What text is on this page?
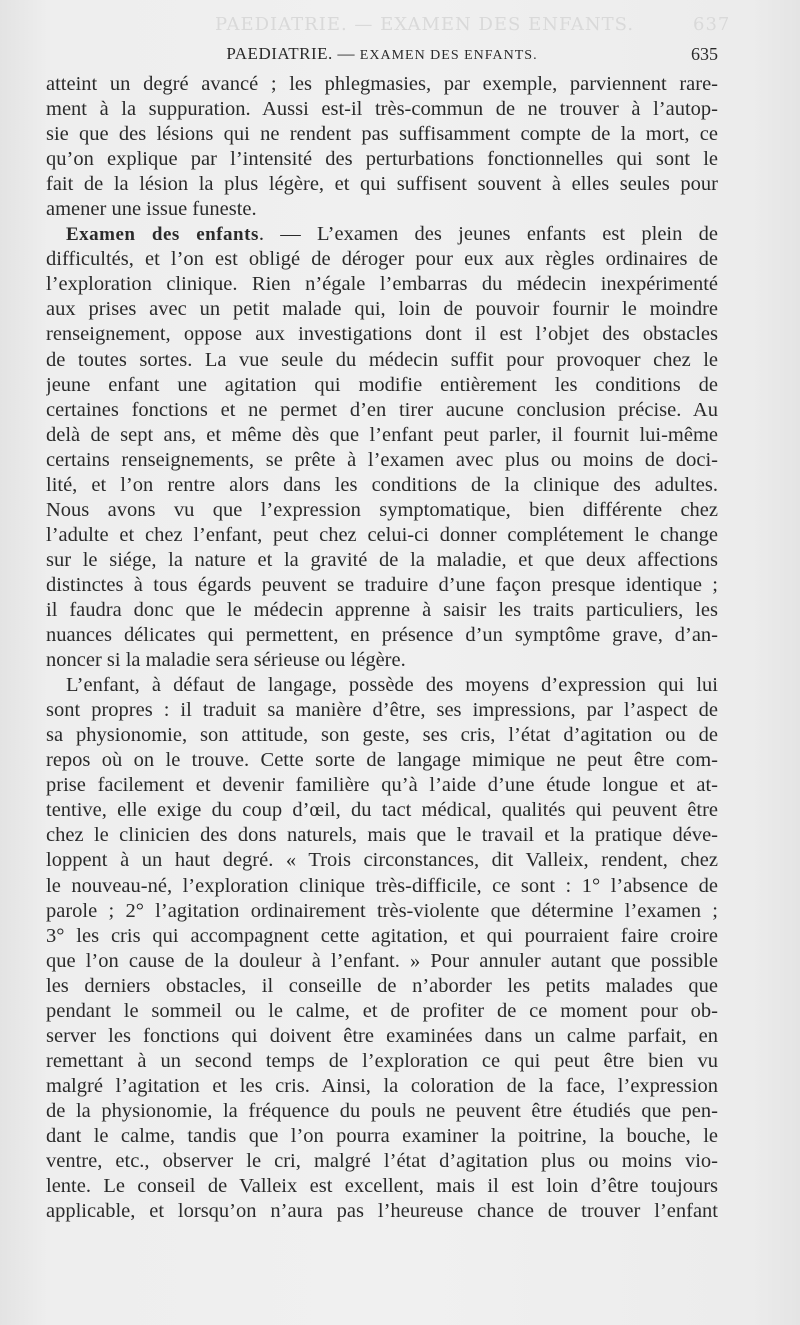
PAEDIATRIE. — EXAMEN DES ENFANTS.	637
PAEDIATRIE. — EXAMEN DES ENFANTS.	635
atteint un degré avancé ; les phlegmasies, par exemple, parviennent rare-
ment à la suppuration. Aussi est-il très-commun de ne trouver à l’autop-
sie que des lésions qui ne rendent pas suffisamment compte de la mort, ce
qu’on explique par l’intensité des perturbations fonctionnelles qui sont le
fait de la lésion la plus légère, et qui suffisent souvent à elles seules pour
amener une issue funeste.
Examen des enfants. — L’examen des jeunes enfants est plein de
difficultés, et l’on est obligé de déroger pour eux aux règles ordinaires de
l’exploration clinique. Rien n’égale l’embarras du médecin inexpérimenté
aux prises avec un petit malade qui, loin de pouvoir fournir le moindre
renseignement, oppose aux investigations dont il est l’objet des obstacles
de toutes sortes. La vue seule du médecin suffit pour provoquer chez le
jeune enfant une agitation qui modifie entièrement les conditions de
certaines fonctions et ne permet d’en tirer aucune conclusion précise. Au
delà de sept ans, et même dès que l’enfant peut parler, il fournit lui-même
certains renseignements, se prête à l’examen avec plus ou moins de doci-
lité, et l’on rentre alors dans les conditions de la clinique des adultes.
Nous avons vu que l’expression symptomatique, bien différente chez
l’adulte et chez l’enfant, peut chez celui-ci donner complétement le change
sur le siége, la nature et la gravité de la maladie, et que deux affections
distinctes à tous égards peuvent se traduire d’une façon presque identique ;
il faudra donc que le médecin apprenne à saisir les traits particuliers, les
nuances délicates qui permettent, en présence d’un symptôme grave, d’an-
noncer si la maladie sera sérieuse ou légère.
L’enfant, à défaut de langage, possède des moyens d’expression qui lui
sont propres : il traduit sa manière d’être, ses impressions, par l’aspect de
sa physionomie, son attitude, son geste, ses cris, l’état d’agitation ou de
repos où on le trouve. Cette sorte de langage mimique ne peut être com-
prise facilement et devenir familière qu’à l’aide d’une étude longue et at-
tentive, elle exige du coup d’œil, du tact médical, qualités qui peuvent être
chez le clinicien des dons naturels, mais que le travail et la pratique déve-
loppent à un haut degré. « Trois circonstances, dit Valleix, rendent, chez
le nouveau-né, l’exploration clinique très-difficile, ce sont : 1° l’absence de
parole ; 2° l’agitation ordinairement très-violente que détermine l’examen ;
3° les cris qui accompagnent cette agitation, et qui pourraient faire croire
que l’on cause de la douleur à l’enfant. » Pour annuler autant que possible
les derniers obstacles, il conseille de n’aborder les petits malades que
pendant le sommeil ou le calme, et de profiter de ce moment pour ob-
server les fonctions qui doivent être examinées dans un calme parfait, en
remettant à un second temps de l’exploration ce qui peut être bien vu
malgré l’agitation et les cris. Ainsi, la coloration de la face, l’expression
de la physionomie, la fréquence du pouls ne peuvent être étudiés que pen-
dant le calme, tandis que l’on pourra examiner la poitrine, la bouche, le
ventre, etc., observer le cri, malgré l’état d’agitation plus ou moins vio-
lente. Le conseil de Valleix est excellent, mais il est loin d’être toujours
applicable, et lorsqu’on n’aura pas l’heureuse chance de trouver l’enfant
